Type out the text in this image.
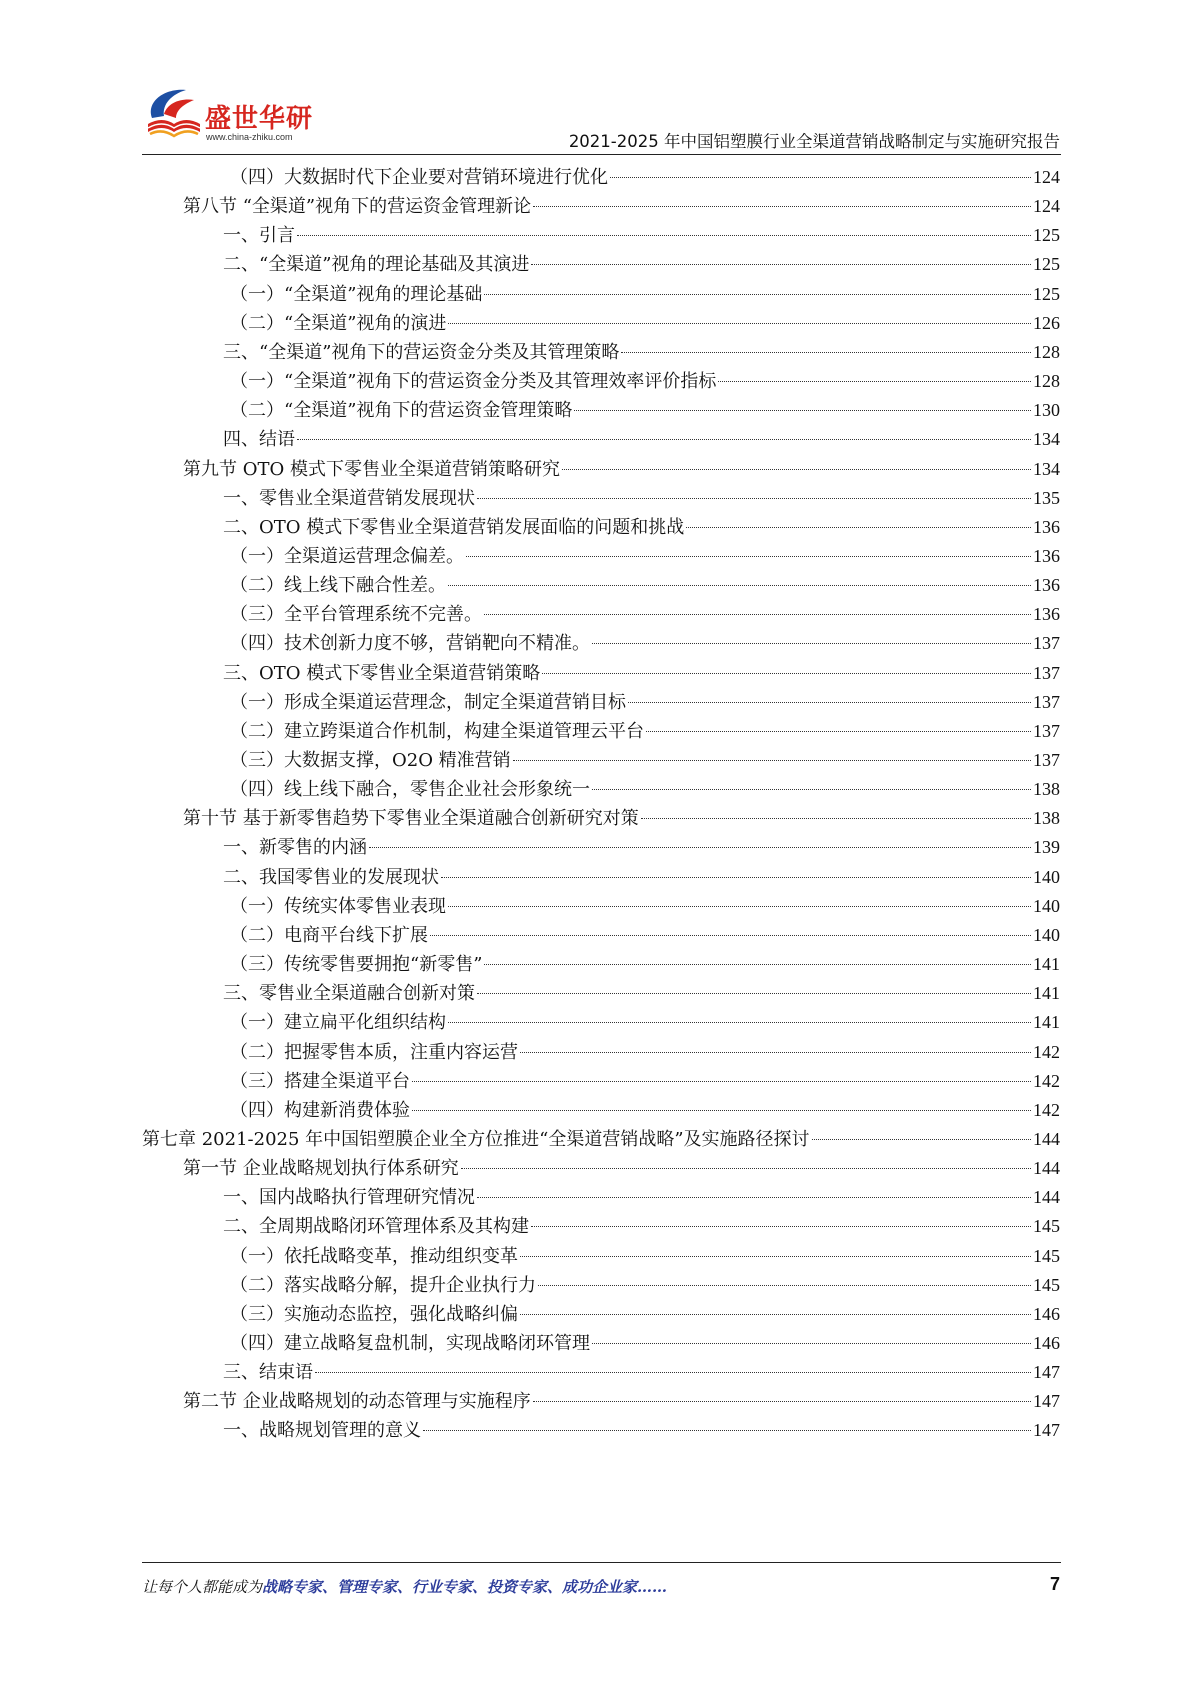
盛世华研
www.china-zhiku.com	2021-2025 年中国铝塑膜行业全渠道营销战略制定与实施研究报告
（四）大数据时代下企业要对营销环境进行优化	124
第八节 “全渠道”视角下的营运资金管理新论	124
一、引言	125
二、“全渠道”视角的理论基础及其演进	125
（一）“全渠道”视角的理论基础	125
（二）“全渠道”视角的演进	126
三、“全渠道”视角下的营运资金分类及其管理策略	128
（一）“全渠道”视角下的营运资金分类及其管理效率评价指标	128
（二）“全渠道”视角下的营运资金管理策略	130
四、结语	134
第九节 OTO 模式下零售业全渠道营销策略研究	134
一、零售业全渠道营销发展现状	135
二、OTO 模式下零售业全渠道营销发展面临的问题和挑战	136
（一）全渠道运营理念偏差。	136
（二）线上线下融合性差。	136
（三）全平台管理系统不完善。	136
（四）技术创新力度不够，营销靶向不精准。	137
三、OTO 模式下零售业全渠道营销策略	137
（一）形成全渠道运营理念，制定全渠道营销目标	137
（二）建立跨渠道合作机制，构建全渠道管理云平台	137
（三）大数据支撑，O2O 精准营销	137
（四）线上线下融合，零售企业社会形象统一	138
第十节 基于新零售趋势下零售业全渠道融合创新研究对策	138
一、新零售的内涵	139
二、我国零售业的发展现状	140
（一）传统实体零售业表现	140
（二）电商平台线下扩展	140
（三）传统零售要拥抱“新零售”	141
三、零售业全渠道融合创新对策	141
（一）建立扁平化组织结构	141
（二）把握零售本质，注重内容运营	142
（三）搭建全渠道平台	142
（四）构建新消费体验	142
第七章 2021-2025 年中国铝塑膜企业全方位推进“全渠道营销战略”及实施路径探讨	144
第一节 企业战略规划执行体系研究	144
一、国内战略执行管理研究情况	144
二、全周期战略闭环管理体系及其构建	145
（一）依托战略变革，推动组织变革	145
（二）落实战略分解，提升企业执行力	145
（三）实施动态监控，强化战略纠偏	146
（四）建立战略复盘机制，实现战略闭环管理	146
三、结束语	147
第二节 企业战略规划的动态管理与实施程序	147
一、战略规划管理的意义	147
让每个人都能成为战略专家、管理专家、行业专家、投资专家、成功企业家……	7
